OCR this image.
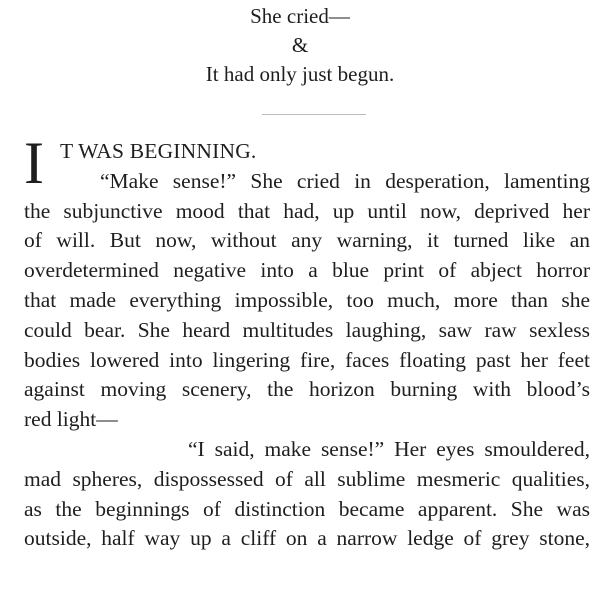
She cried—
&
It had only just begun.
I T WAS BEGINNING.
“Make sense!” She cried in desperation, lamenting
the subjunctive mood that had, up until now, deprived her
of will. But now, without any warning, it turned like an
overdetermined negative into a blue print of abject horror
that made everything impossible, too much, more than she
could bear. She heard multitudes laughing, saw raw sexless
bodies lowered into lingering fire, faces floating past her feet
against moving scenery, the horizon burning with blood’s
red light—
“I said, make sense!” Her eyes smouldered,
mad spheres, dispossessed of all sublime mesmeric qualities,
as the beginnings of distinction became apparent. She was
outside, half way up a cliff on a narrow ledge of grey stone,
